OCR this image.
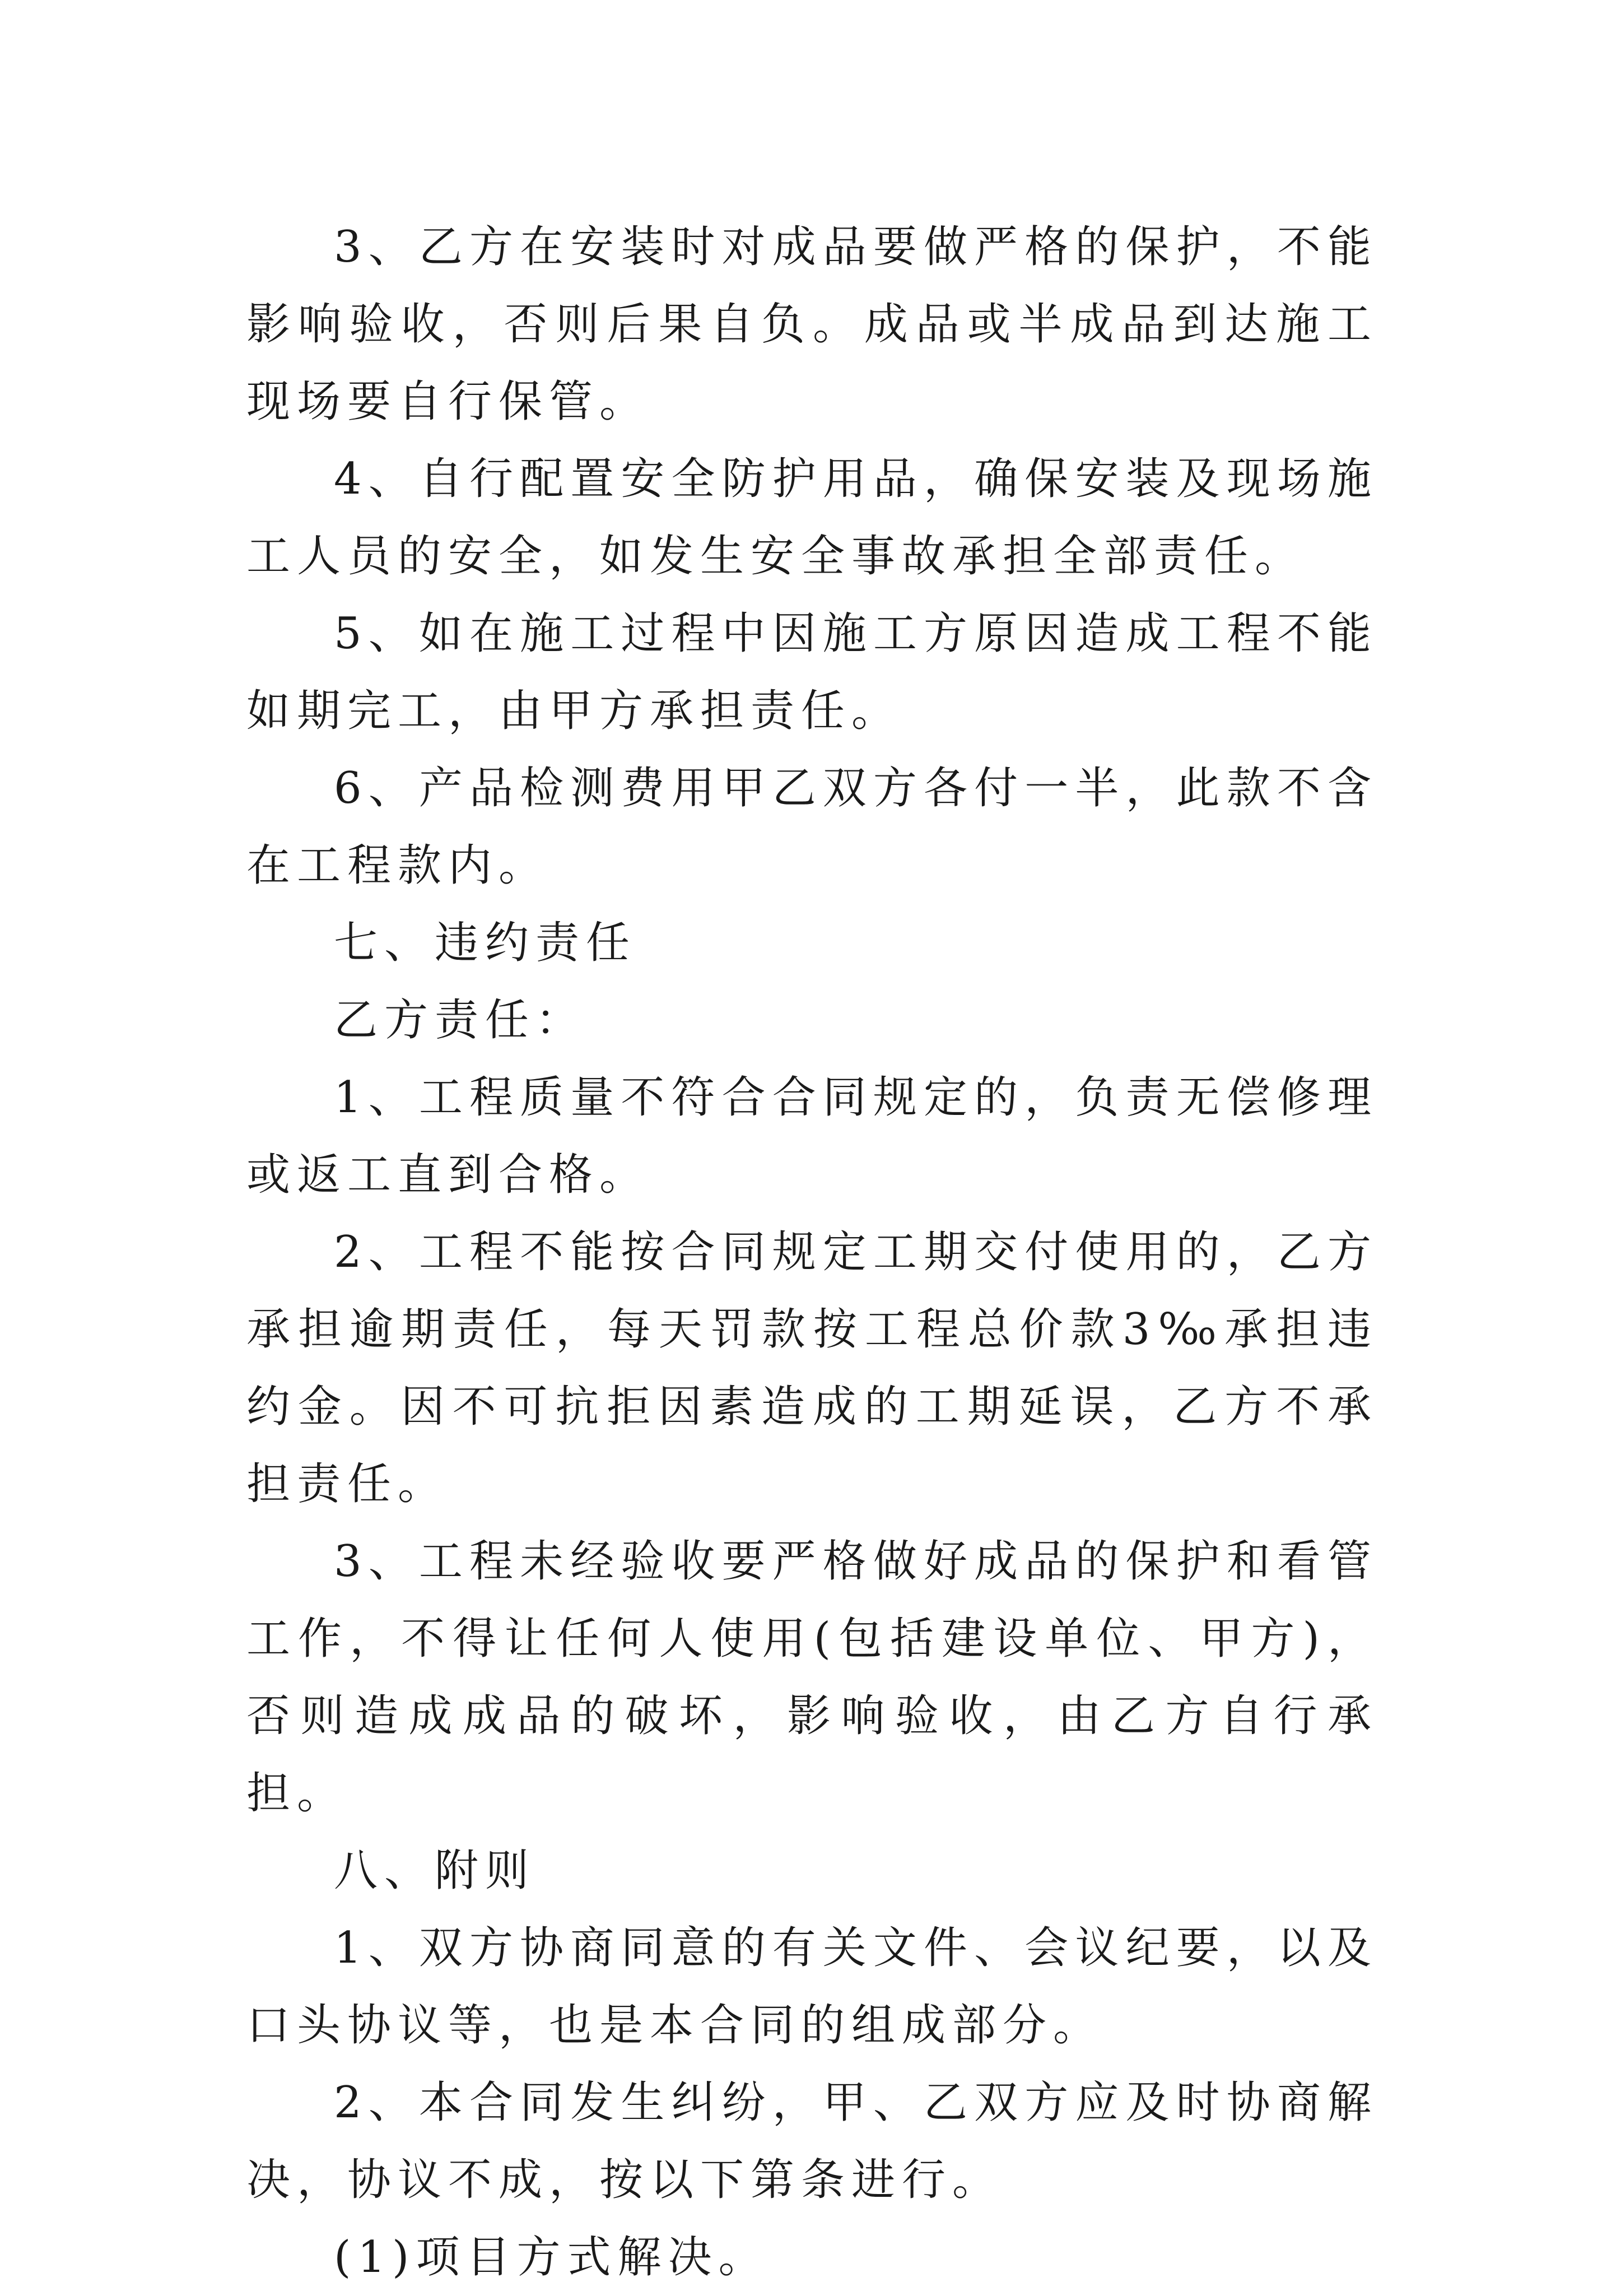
3、乙方在安装时对成品要做严格的保护，不能影响验收，否则后果自负。成品或半成品到达施工现场要自行保管。

4、自行配置安全防护用品，确保安装及现场施工人员的安全，如发生安全事故承担全部责任。

5、如在施工过程中因施工方原因造成工程不能如期完工，由甲方承担责任。

6、产品检测费用甲乙双方各付一半，此款不含在工程款内。

七、违约责任

乙方责任：

1、工程质量不符合合同规定的，负责无偿修理或返工直到合格。

2、工程不能按合同规定工期交付使用的，乙方承担逾期责任，每天罚款按工程总价款3‰承担违约金。因不可抗拒因素造成的工期延误，乙方不承担责任。

3、工程未经验收要严格做好成品的保护和看管工作，不得让任何人使用(包括建设单位、甲方)，否则造成成品的破坏，影响验收，由乙方自行承担。

八、附则

1、双方协商同意的有关文件、会议纪要，以及口头协议等，也是本合同的组成部分。

2、本合同发生纠纷，甲、乙双方应及时协商解决，协议不成，按以下第条进行。

(1)项目方式解决。
